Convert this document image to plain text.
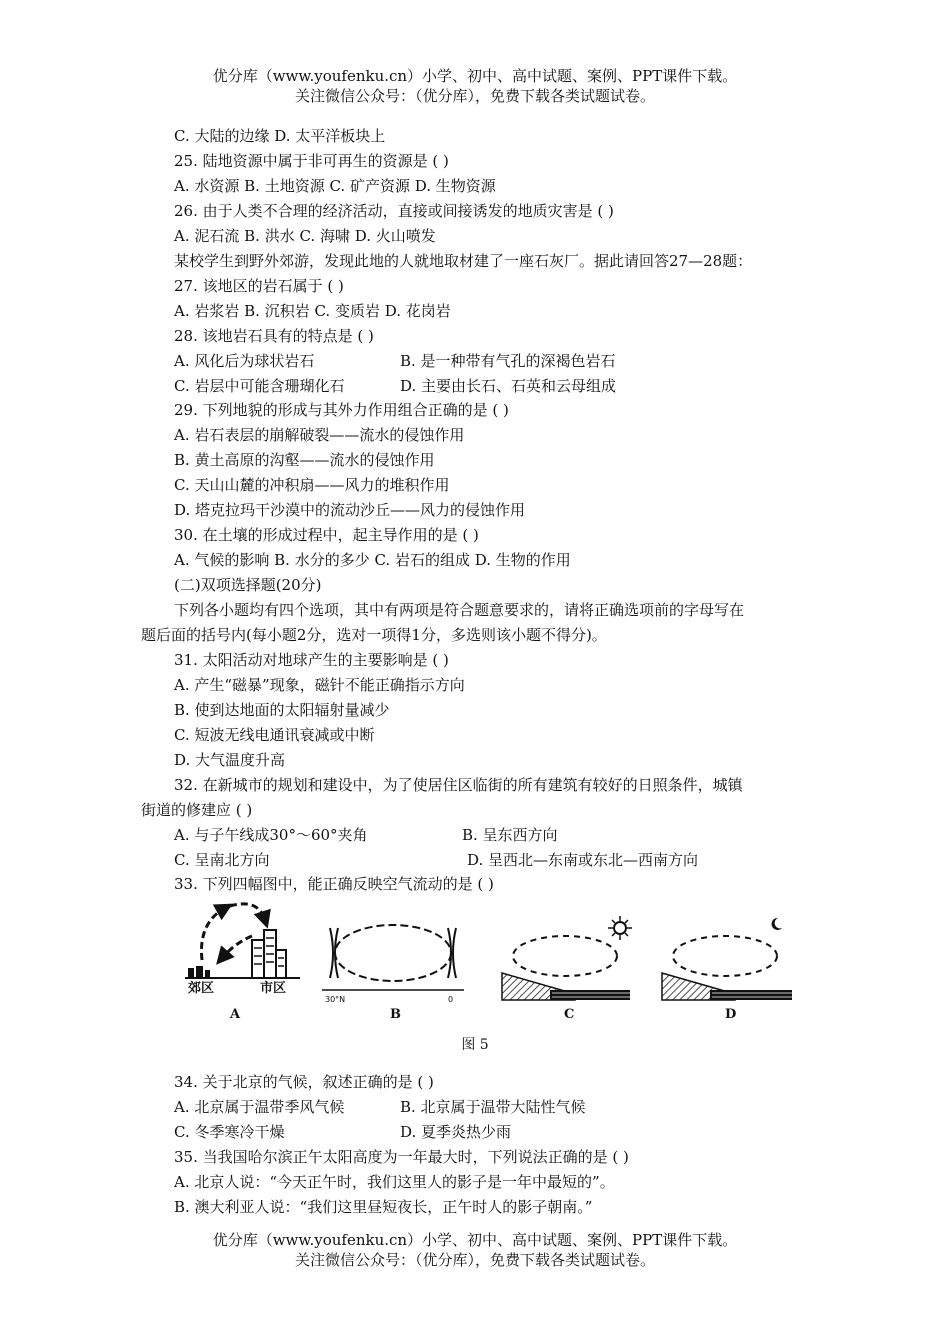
优分库（www.youfenku.cn）小学、初中、高中试题、案例、PPT课件下载。
关注微信公众号：（优分库），免费下载各类试题试卷。
C. 大陆的边缘 D. 太平洋板块上
25. 陆地资源中属于非可再生的资源是 ( )
A. 水资源 B. 土地资源 C. 矿产资源 D. 生物资源
26. 由于人类不合理的经济活动，直接或间接诱发的地质灾害是 ( )
A. 泥石流 B. 洪水 C. 海啸 D. 火山喷发
某校学生到野外郊游，发现此地的人就地取材建了一座石灰厂。据此请回答27—28题：
27. 该地区的岩石属于 ( )
A. 岩浆岩 B. 沉积岩 C. 变质岩 D. 花岗岩
28. 该地岩石具有的特点是 ( )
A. 风化后为球状岩石	B. 是一种带有气孔的深褐色岩石
C. 岩层中可能含珊瑚化石	D. 主要由长石、石英和云母组成
29. 下列地貌的形成与其外力作用组合正确的是 ( )
A. 岩石表层的崩解破裂——流水的侵蚀作用
B. 黄土高原的沟壑——流水的侵蚀作用
C. 天山山麓的冲积扇——风力的堆积作用
D. 塔克拉玛干沙漠中的流动沙丘——风力的侵蚀作用
30. 在土壤的形成过程中，起主导作用的是 ( )
A. 气候的影响 B. 水分的多少 C. 岩石的组成 D. 生物的作用
(二)双项选择题(20分)
下列各小题均有四个选项，其中有两项是符合题意要求的，请将正确选项前的字母写在
题后面的括号内(每小题2分，选对一项得1分，多选则该小题不得分)。
31. 太阳活动对地球产生的主要影响是 ( )
A. 产生“磁暴”现象，磁针不能正确指示方向
B. 使到达地面的太阳辐射量减少
C. 短波无线电通讯衰减或中断
D. 大气温度升高
32. 在新城市的规划和建设中，为了使居住区临街的所有建筑有较好的日照条件，城镇
街道的修建应 ( )
A. 与子午线成30°～60°夹角	B. 呈东西方向
C. 呈南北方向	D. 呈西北—东南或东北—西南方向
33. 下列四幅图中，能正确反映空气流动的是 ( )
郊区	市区
A
30°N	0
B	C	D
图 5
34. 关于北京的气候，叙述正确的是 ( )
A. 北京属于温带季风气候	B. 北京属于温带大陆性气候
C. 冬季寒冷干燥	D. 夏季炎热少雨
35. 当我国哈尔滨正午太阳高度为一年最大时，下列说法正确的是 ( )
A. 北京人说：“今天正午时，我们这里人的影子是一年中最短的”。
B. 澳大利亚人说：“我们这里昼短夜长，正午时人的影子朝南。”
优分库（www.youfenku.cn）小学、初中、高中试题、案例、PPT课件下载。
关注微信公众号：（优分库），免费下载各类试题试卷。
